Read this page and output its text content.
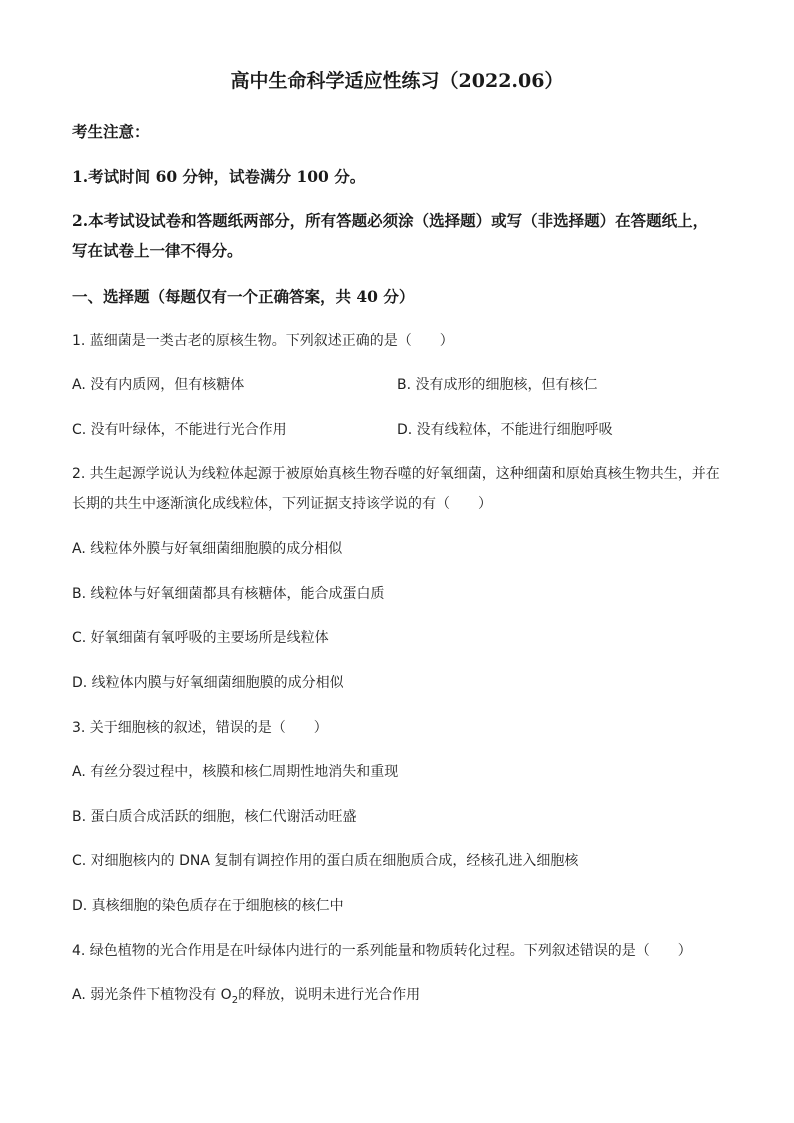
高中生命科学适应性练习（2022.06）
考生注意：
1.考试时间 60 分钟，试卷满分 100 分。
2.本考试设试卷和答题纸两部分，所有答题必须涂（选择题）或写（非选择题）在答题纸上，
写在试卷上一律不得分。
一、选择题（每题仅有一个正确答案，共 40 分）
1. 蓝细菌是一类古老的原核生物。下列叙述正确的是（　　）
A. 没有内质网，但有核糖体	B. 没有成形的细胞核，但有核仁
C. 没有叶绿体，不能进行光合作用	D. 没有线粒体，不能进行细胞呼吸
2. 共生起源学说认为线粒体起源于被原始真核生物吞噬的好氧细菌，这种细菌和原始真核生物共生，并在
长期的共生中逐渐演化成线粒体，下列证据支持该学说的有（　　）
A. 线粒体外膜与好氧细菌细胞膜的成分相似
B. 线粒体与好氧细菌都具有核糖体，能合成蛋白质
C. 好氧细菌有氧呼吸的主要场所是线粒体
D. 线粒体内膜与好氧细菌细胞膜的成分相似
3. 关于细胞核的叙述，错误的是（　　）
A. 有丝分裂过程中，核膜和核仁周期性地消失和重现
B. 蛋白质合成活跃的细胞，核仁代谢活动旺盛
C. 对细胞核内的 DNA 复制有调控作用的蛋白质在细胞质合成，经核孔进入细胞核
D. 真核细胞的染色质存在于细胞核的核仁中
4. 绿色植物的光合作用是在叶绿体内进行的一系列能量和物质转化过程。下列叙述错误的是（　　）
A. 弱光条件下植物没有 $O_2$的释放，说明未进行光合作用
